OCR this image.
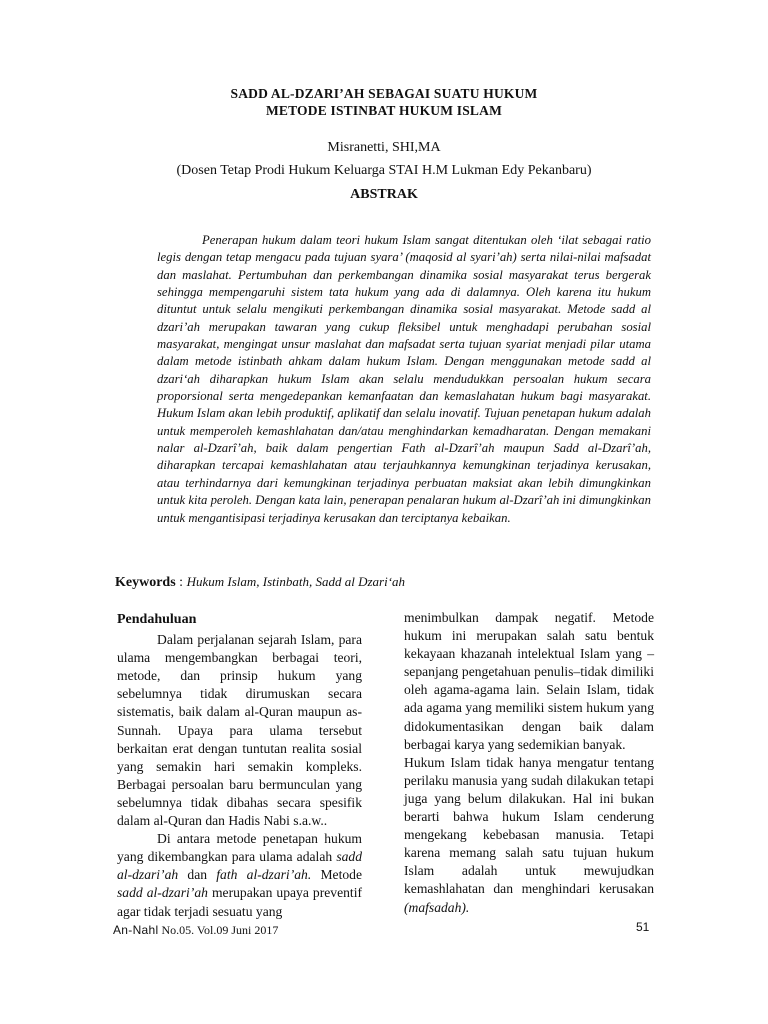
SADD AL-DZARI’AH SEBAGAI SUATU HUKUM
METODE ISTINBAT HUKUM ISLAM
Misranetti, SHI,MA
(Dosen Tetap Prodi Hukum Keluarga STAI H.M Lukman Edy Pekanbaru)
ABSTRAK

Penerapan hukum dalam teori hukum Islam sangat ditentukan oleh ‘ilat sebagai ratio legis dengan tetap mengacu pada tujuan syara’ (maqosid al syari’ah) serta nilai-nilai mafsadat dan maslahat. Pertumbuhan dan perkembangan dinamika sosial masyarakat terus bergerak sehingga mempengaruhi sistem tata hukum yang ada di dalamnya. Oleh karena itu hukum dituntut untuk selalu mengikuti perkembangan dinamika sosial masyarakat. Metode sadd al dzari’ah merupakan tawaran yang cukup fleksibel untuk menghadapi perubahan sosial masyarakat, mengingat unsur maslahat dan mafsadat serta tujuan syariat menjadi pilar utama dalam metode istinbath ahkam dalam hukum Islam. Dengan menggunakan metode sadd al dzari‘ah diharapkan hukum Islam akan selalu mendudukkan persoalan hukum secara proporsional serta mengedepankan kemanfaatan dan kemaslahatan hukum bagi masyarakat. Hukum Islam akan lebih produktif, aplikatif dan selalu inovatif. Tujuan penetapan hukum adalah untuk memperoleh kemashlahatan dan/atau menghindarkan kemadharatan. Dengan memakani nalar al-Dzarî’ah, baik dalam pengertian Fath al-Dzarî’ah maupun Sadd al-Dzarî’ah, diharapkan tercapai kemashlahatan atau terjauhkannya kemungkinan terjadinya kerusakan, atau terhindarnya dari kemungkinan terjadinya perbuatan maksiat akan lebih dimungkinkan untuk kita peroleh. Dengan kata lain, penerapan penalaran hukum al-Dzarî’ah ini dimungkinkan untuk mengantisipasi terjadinya kerusakan dan terciptanya kebaikan.

Keywords : Hukum Islam, Istinbath, Sadd al Dzari‘ah
Pendahuluan

Dalam perjalanan sejarah Islam, para ulama mengembangkan berbagai teori, metode, dan prinsip hukum yang sebelumnya tidak dirumuskan secara sistematis, baik dalam al-Quran maupun as-Sunnah. Upaya para ulama tersebut berkaitan erat dengan tuntutan realita sosial yang semakin hari semakin kompleks. Berbagai persoalan baru bermunculan yang sebelumnya tidak dibahas secara spesifik dalam al-Quran dan Hadis Nabi s.a.w..

Di antara metode penetapan hukum yang dikembangkan para ulama adalah sadd al-dzari’ah dan fath al-dzari’ah. Metode sadd al-dzari’ah merupakan upaya preventif agar tidak terjadi sesuatu yang

menimbulkan dampak negatif. Metode hukum ini merupakan salah satu bentuk kekayaan khazanah intelektual Islam yang –sepanjang pengetahuan penulis–tidak dimiliki oleh agama-agama lain. Selain Islam, tidak ada agama yang memiliki sistem hukum yang didokumentasikan dengan baik dalam berbagai karya yang sedemikian banyak.

Hukum Islam tidak hanya mengatur tentang perilaku manusia yang sudah dilakukan tetapi juga yang belum dilakukan. Hal ini bukan berarti bahwa hukum Islam cenderung mengekang kebebasan manusia. Tetapi karena memang salah satu tujuan hukum Islam adalah untuk mewujudkan kemashlahatan dan menghindari kerusakan (mafsadah).

An-Nahl No.05. Vol.09 Juni 2017	51
